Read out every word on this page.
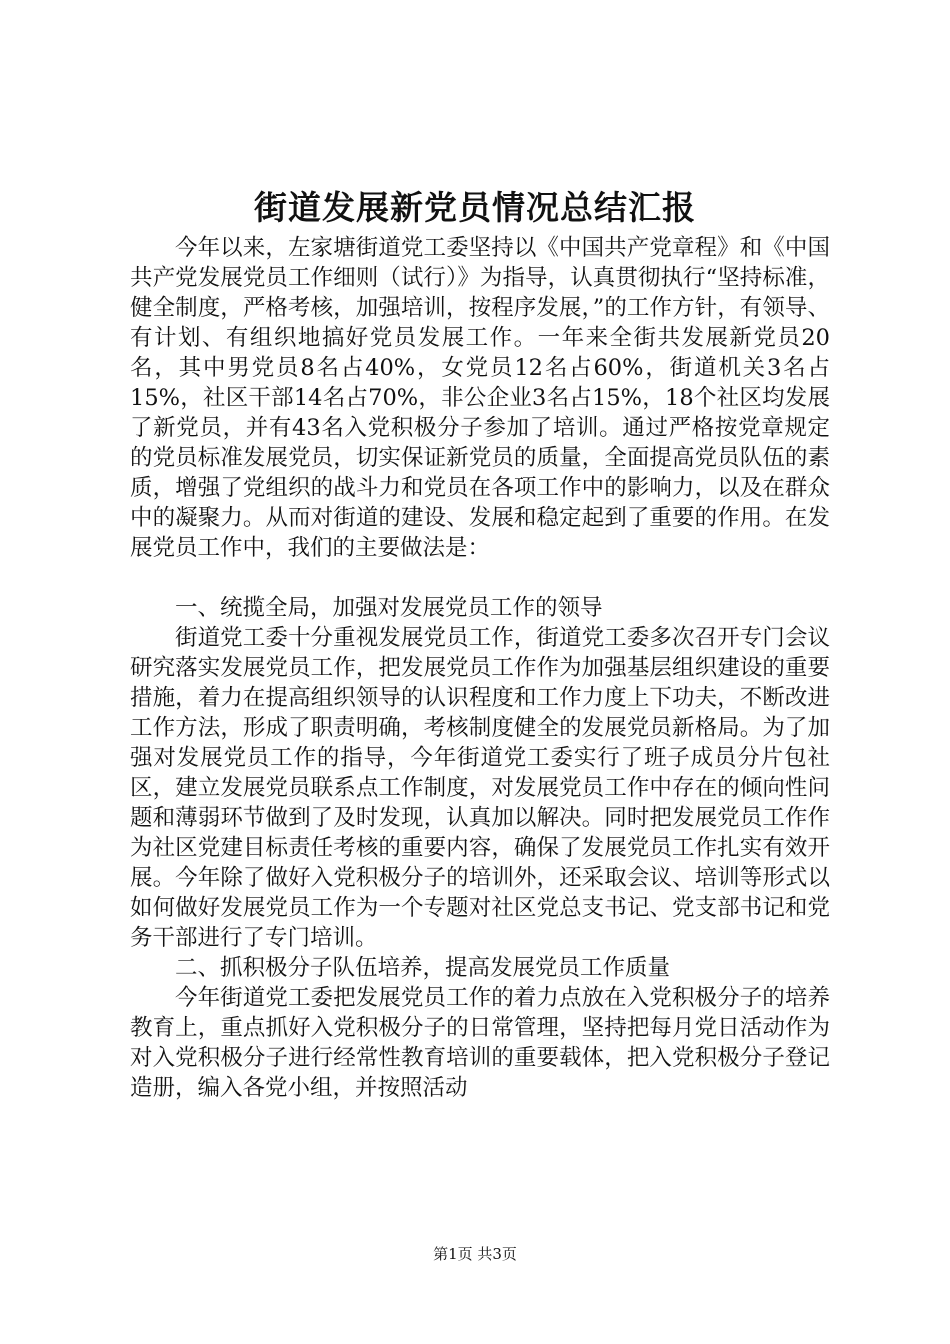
街道发展新党员情况总结汇报

今年以来，左家塘街道党工委坚持以《中国共产党章程》和《中国共产党发展党员工作细则（试行）》为指导，认真贯彻执行“坚持标准，健全制度，严格考核，加强培训，按程序发展，”的工作方针，有领导、有计划、有组织地搞好党员发展工作。一年来全街共发展新党员20名，其中男党员8名占40%，女党员12名占60%，街道机关3名占15%，社区干部14名占70%，非公企业3名占15%，18个社区均发展了新党员，并有43名入党积极分子参加了培训。通过严格按党章规定的党员标准发展党员，切实保证新党员的质量，全面提高党员队伍的素质，增强了党组织的战斗力和党员在各项工作中的影响力，以及在群众中的凝聚力。从而对街道的建设、发展和稳定起到了重要的作用。在发展党员工作中，我们的主要做法是：

一、统揽全局，加强对发展党员工作的领导

街道党工委十分重视发展党员工作，街道党工委多次召开专门会议研究落实发展党员工作，把发展党员工作作为加强基层组织建设的重要措施，着力在提高组织领导的认识程度和工作力度上下功夫，不断改进工作方法，形成了职责明确，考核制度健全的发展党员新格局。为了加强对发展党员工作的指导，今年街道党工委实行了班子成员分片包社区，建立发展党员联系点工作制度，对发展党员工作中存在的倾向性问题和薄弱环节做到了及时发现，认真加以解决。同时把发展党员工作作为社区党建目标责任考核的重要内容，确保了发展党员工作扎实有效开展。今年除了做好入党积极分子的培训外，还采取会议、培训等形式以如何做好发展党员工作为一个专题对社区党总支书记、党支部书记和党务干部进行了专门培训。

二、抓积极分子队伍培养，提高发展党员工作质量

今年街道党工委把发展党员工作的着力点放在入党积极分子的培养教育上，重点抓好入党积极分子的日常管理，坚持把每月党日活动作为对入党积极分子进行经常性教育培训的重要载体，把入党积极分子登记造册，编入各党小组，并按照活动

第1页 共3页
